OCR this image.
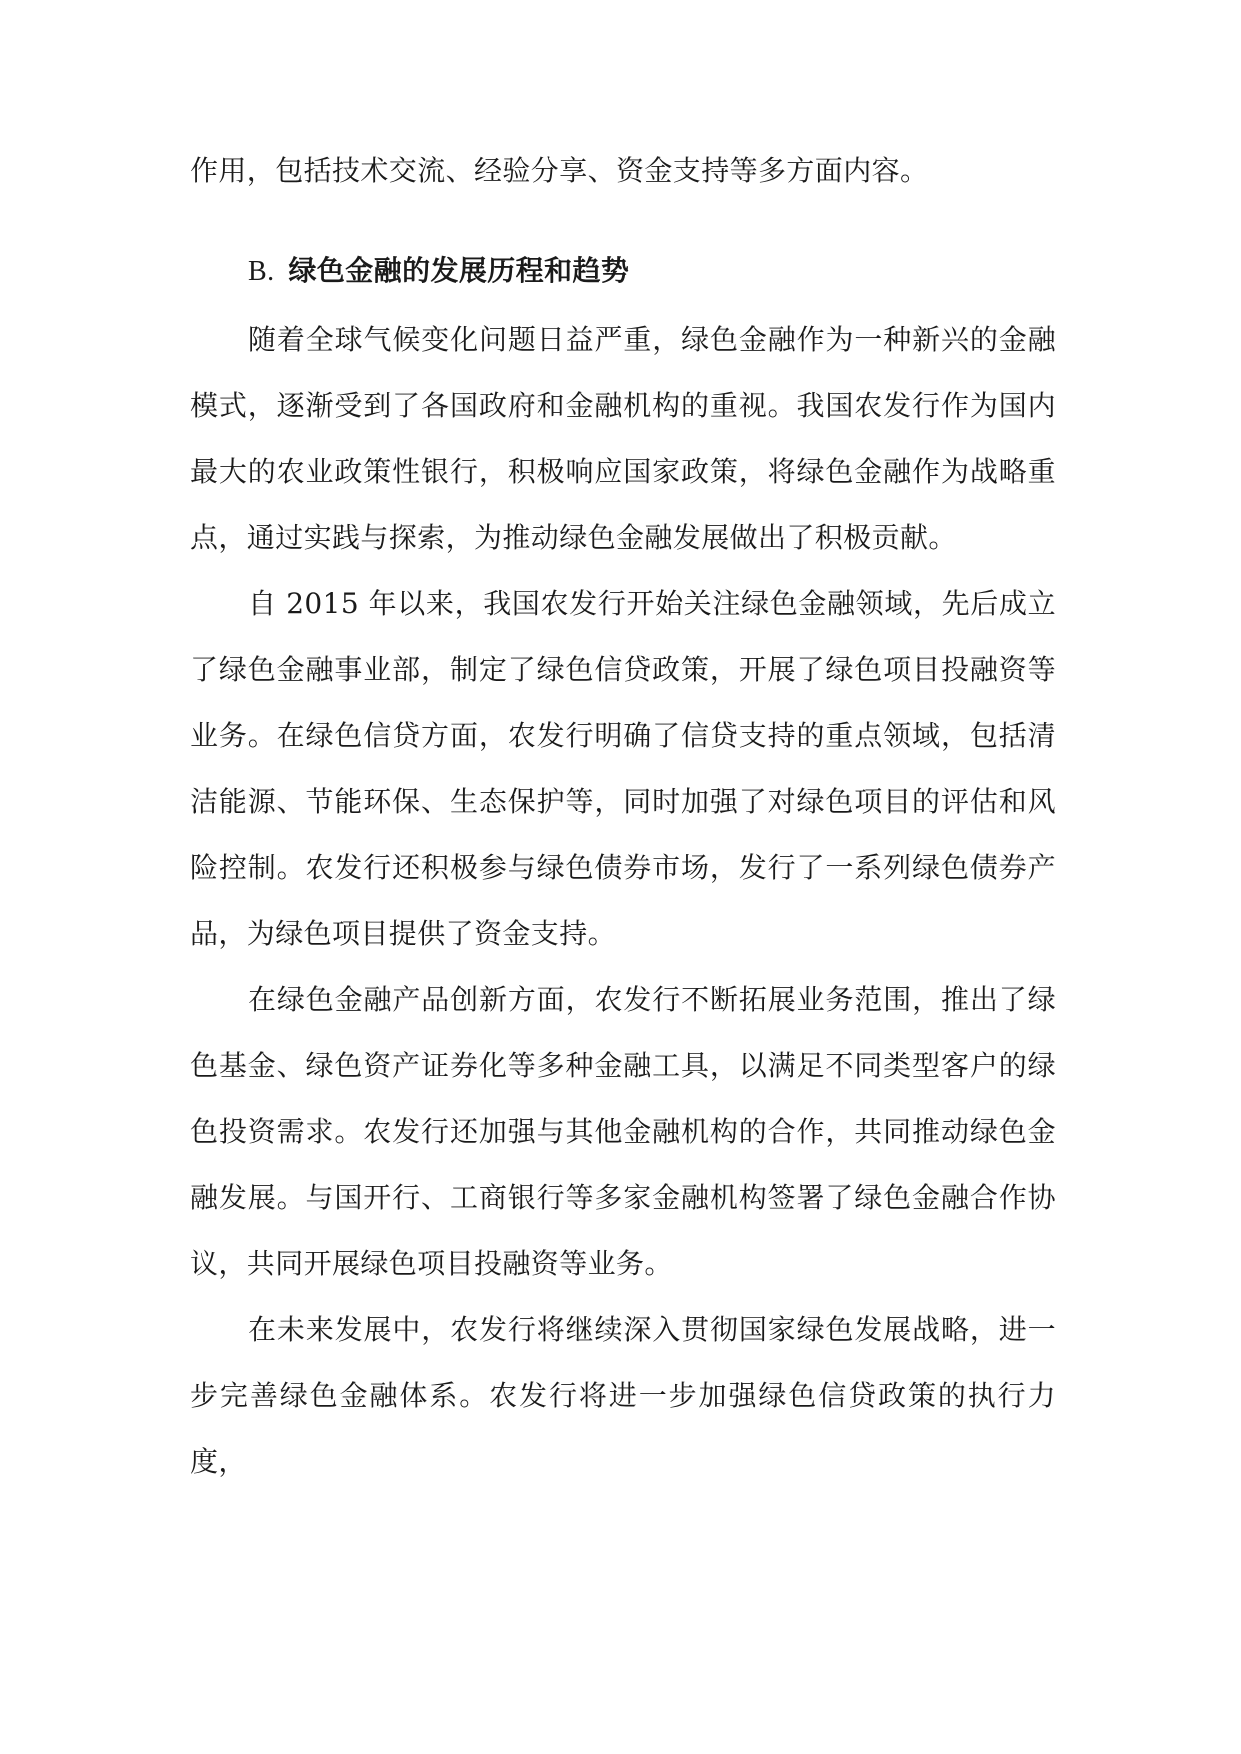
作用，包括技术交流、经验分享、资金支持等多方面内容。

B. 绿色金融的发展历程和趋势

随着全球气候变化问题日益严重，绿色金融作为一种新兴的金融模式，逐渐受到了各国政府和金融机构的重视。我国农发行作为国内最大的农业政策性银行，积极响应国家政策，将绿色金融作为战略重点，通过实践与探索，为推动绿色金融发展做出了积极贡献。

自 2015 年以来，我国农发行开始关注绿色金融领域，先后成立了绿色金融事业部，制定了绿色信贷政策，开展了绿色项目投融资等业务。在绿色信贷方面，农发行明确了信贷支持的重点领域，包括清洁能源、节能环保、生态保护等，同时加强了对绿色项目的评估和风险控制。农发行还积极参与绿色债券市场，发行了一系列绿色债券产品，为绿色项目提供了资金支持。

在绿色金融产品创新方面，农发行不断拓展业务范围，推出了绿色基金、绿色资产证券化等多种金融工具，以满足不同类型客户的绿色投资需求。农发行还加强与其他金融机构的合作，共同推动绿色金融发展。与国开行、工商银行等多家金融机构签署了绿色金融合作协议，共同开展绿色项目投融资等业务。

在未来发展中，农发行将继续深入贯彻国家绿色发展战略，进一步完善绿色金融体系。农发行将进一步加强绿色信贷政策的执行力度，
